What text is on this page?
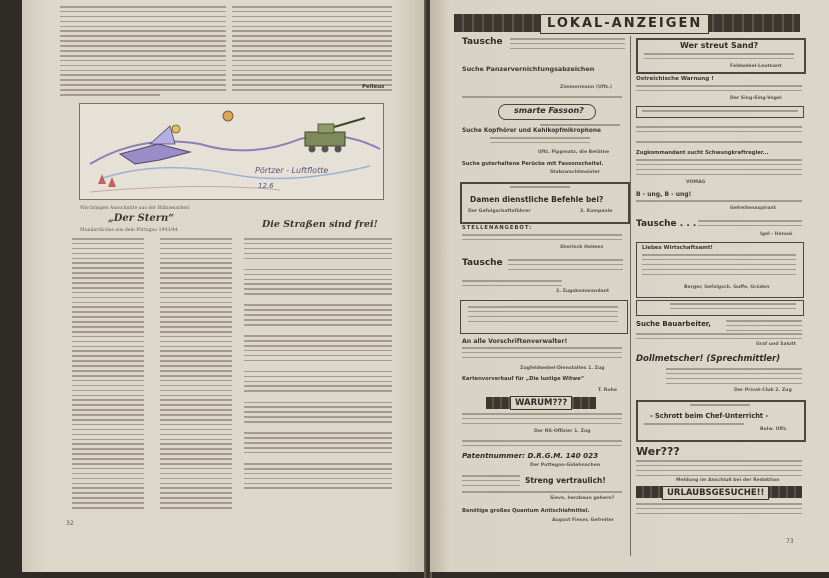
Pelleus
Pörtzer - Luftflotte
12.6
Wie bringen Ausschnitte aus der Bühnenarbeit
„Der Stern“
Mundartliches aus dem Pörtzgau 1943/44
Die Straßen sind frei!
32
LOKAL-ANZEIGEN
Tausche
Suche Panzervernichtungsabzeichen
Zimmermann (Uffz.)
smarte Fasson?
Suche Kopfhörer und Kehlkopfmikrophone
Uffz. Pippmatz, die Betätne
Suche guterhaltene Perücke mit Fassonscheitel.
Stabswachtmeister
Damen dienstliche Befehle bei?
Der Gefolgschaftsführer	3. Kompanie
STELLENANGEBOT:
Sherlock Holmes
Tausche
2. Zugskommandant
An alle Vorschriftenverwalter!
Zugfeldwebel-Dienstaltes 1. Zug
Kartenvorverkauf für „Die lustige Witwe“
T. Ruhe
WARUM???
Der NS-Offizier 1. Zug
Patentnummer: D.R.G.M. 140 023
Der Pottegon-Gidehnachen
Streng vertraulich!
Sieve, herzbeun gehern?
Benötige großes Quantum Antischlafmittel.
August Fieser, Gefreiter
Wer streut Sand?
Feldwebel-Leutnant
Ostreichische Warnung !
Der Sing-Sing-Vogel
Zugkommandant sucht Schwungkraftregler...
VOMAG
B - ung, B - ung!
Gefreitenaspirant
Tausche . . .
Igel - Hanosi
Liebes Wirtschaftsamt!
Berger, Gefolgsch. Guffe, Gröden
Suche Bauarbeiter,
Graf und Salutt
Dollmetscher! (Sprechmittler)
Der Privat-Club 2. Zug
- Schrott beim Chef-Unterricht -
Bulw. Uffz.
Wer???
Meldung im Anschluß bei der Redaktion
URLAUBSGESUCHE!!
73
